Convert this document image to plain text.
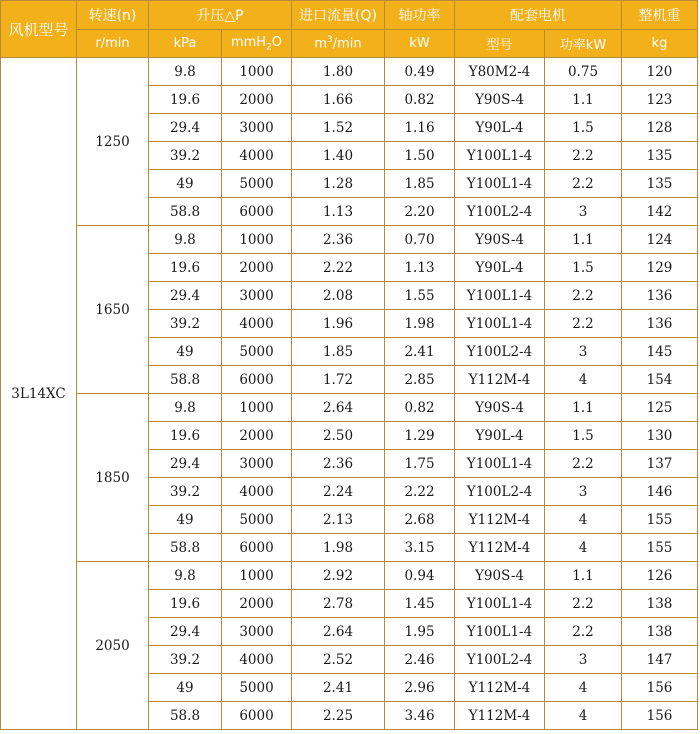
风机型号	转速(n)	升压△P		进口流量(Q)	轴功率	配套电机		整机重
	r/min	kPa	mmH$_2$O	$m^3/\min$	kW	型号	功率kW	kg
3L14XC	1250	9.8	1000	1.80	0.49	Y80M2-4	0.75	120
		19.6	2000	1.66	0.82	Y90S-4	1.1	123
		29.4	3000	1.52	1.16	Y90L-4	1.5	128
		39.2	4000	1.40	1.50	Y100L1-4	2.2	135
		49	5000	1.28	1.85	Y100L1-4	2.2	135
		58.8	6000	1.13	2.20	Y100L2-4	3	142
	1650	9.8	1000	2.36	0.70	Y90S-4	1.1	124
		19.6	2000	2.22	1.13	Y90L-4	1.5	129
		29.4	3000	2.08	1.55	Y100L1-4	2.2	136
		39.2	4000	1.96	1.98	Y100L1-4	2.2	136
		49	5000	1.85	2.41	Y100L2-4	3	145
		58.8	6000	1.72	2.85	Y112M-4	4	154
	1850	9.8	1000	2.64	0.82	Y90S-4	1.1	125
		19.6	2000	2.50	1.29	Y90L-4	1.5	130
		29.4	3000	2.36	1.75	Y100L1-4	2.2	137
		39.2	4000	2.24	2.22	Y100L2-4	3	146
		49	5000	2.13	2.68	Y112M-4	4	155
		58.8	6000	1.98	3.15	Y112M-4	4	155
	2050	9.8	1000	2.92	0.94	Y90S-4	1.1	126
		19.6	2000	2.78	1.45	Y100L1-4	2.2	138
		29.4	3000	2.64	1.95	Y100L1-4	2.2	138
		39.2	4000	2.52	2.46	Y100L2-4	3	147
		49	5000	2.41	2.96	Y112M-4	4	156
		58.8	6000	2.25	3.46	Y112M-4	4	156
